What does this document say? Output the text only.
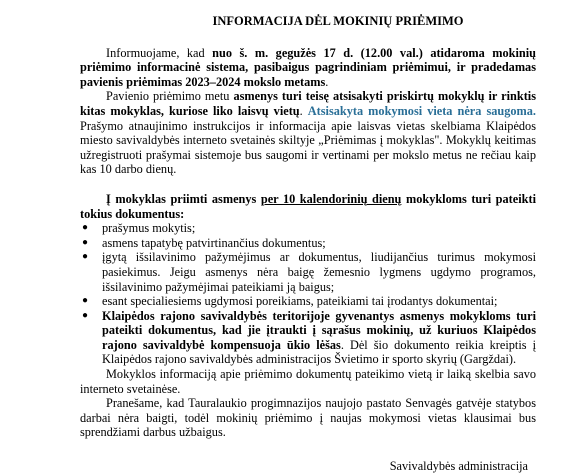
INFORMACIJA DĖL MOKINIŲ PRIĖMIMO

Informuojame, kad nuo š. m. gegužės 17 d. (12.00 val.) atidaroma mokinių priėmimo informacinė sistema, pasibaigus pagrindiniam priėmimui, ir pradedamas pavienis priėmimas 2023–2024 mokslo metams.

Pavienio priėmimo metu asmenys turi teisę atsisakyti priskirtų mokyklų ir rinktis kitas mokyklas, kuriose liko laisvų vietų. Atsisakyta mokymosi vieta nėra saugoma. Prašymo atnaujinimo instrukcijos ir informacija apie laisvas vietas skelbiama Klaipėdos miesto savivaldybės interneto svetainės skiltyje „Priėmimas į mokyklas". Mokyklų keitimas užregistruoti prašymai sistemoje bus saugomi ir vertinami per mokslo metus ne rečiau kaip kas 10 darbo dienų.

Į mokyklas priimti asmenys per 10 kalendorinių dienų mokykloms turi pateikti tokius dokumentus:

● prašymus mokytis;
● asmens tapatybę patvirtinančius dokumentus;
● įgytą išsilavinimo pažymėjimus ar dokumentus, liudijančius turimus mokymosi pasiekimus. Jeigu asmenys nėra baigę žemesnio lygmens ugdymo programos, išsilavinimo pažymėjimai pateikiami ją baigus;
● esant specialiesiems ugdymosi poreikiams, pateikiami tai įrodantys dokumentai;
● Klaipėdos rajono savivaldybės teritorijoje gyvenantys asmenys mokykloms turi pateikti dokumentus, kad jie įtraukti į sąrašus mokinių, už kuriuos Klaipėdos rajono savivaldybė kompensuoja ūkio lėšas. Dėl šio dokumento reikia kreiptis į Klaipėdos rajono savivaldybės administracijos Švietimo ir sporto skyrių (Gargždai).

Mokyklos informaciją apie priėmimo dokumentų pateikimo vietą ir laiką skelbia savo interneto svetainėse.

Pranešame, kad Tauralaukio progimnazijos naujojo pastato Senvagės gatvėje statybos darbai nėra baigti, todėl mokinių priėmimo į naujas mokymosi vietas klausimai bus sprendžiami darbus užbaigus.

Savivaldybės administracija
